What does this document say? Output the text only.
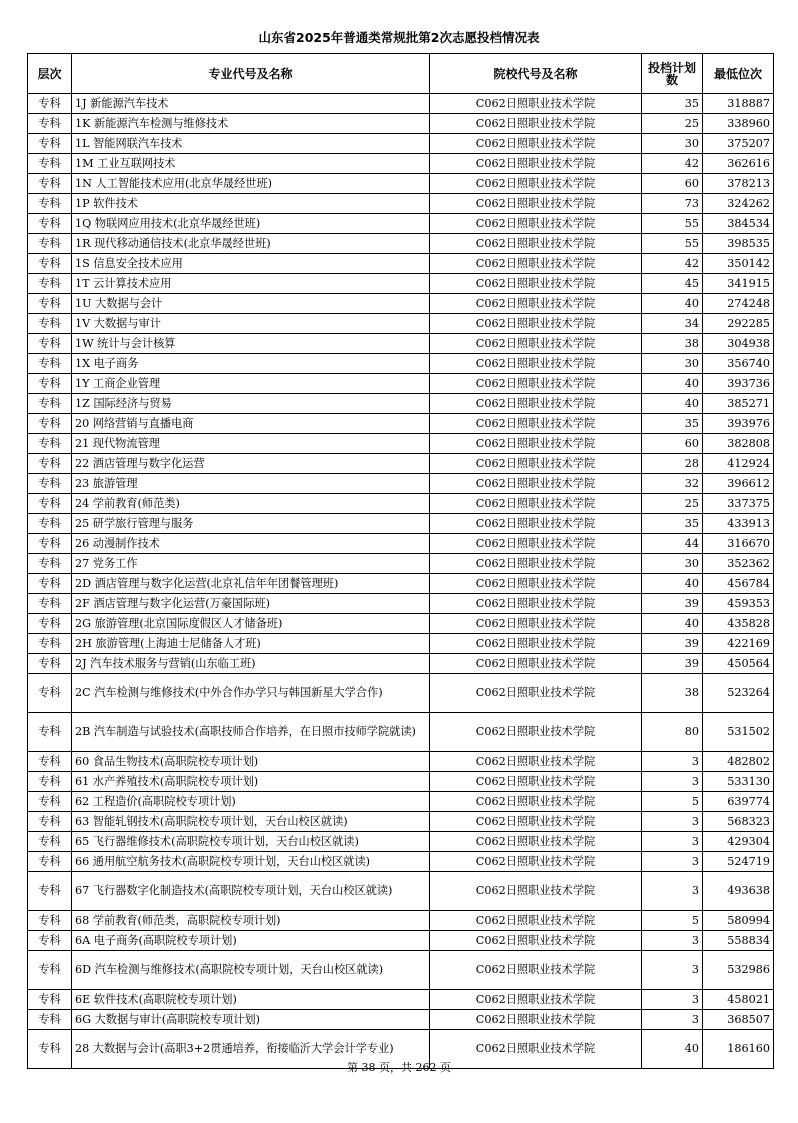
山东省2025年普通类常规批第2次志愿投档情况表
层次	专业代号及名称	院校代号及名称	投档计划数	最低位次
专科	1J 新能源汽车技术	C062日照职业技术学院	35	318887
专科	1K 新能源汽车检测与维修技术	C062日照职业技术学院	25	338960
专科	1L 智能网联汽车技术	C062日照职业技术学院	30	375207
专科	1M 工业互联网技术	C062日照职业技术学院	42	362616
专科	1N 人工智能技术应用(北京华晟经世班)	C062日照职业技术学院	60	378213
专科	1P 软件技术	C062日照职业技术学院	73	324262
专科	1Q 物联网应用技术(北京华晟经世班)	C062日照职业技术学院	55	384534
专科	1R 现代移动通信技术(北京华晟经世班)	C062日照职业技术学院	55	398535
专科	1S 信息安全技术应用	C062日照职业技术学院	42	350142
专科	1T 云计算技术应用	C062日照职业技术学院	45	341915
专科	1U 大数据与会计	C062日照职业技术学院	40	274248
专科	1V 大数据与审计	C062日照职业技术学院	34	292285
专科	1W 统计与会计核算	C062日照职业技术学院	38	304938
专科	1X 电子商务	C062日照职业技术学院	30	356740
专科	1Y 工商企业管理	C062日照职业技术学院	40	393736
专科	1Z 国际经济与贸易	C062日照职业技术学院	40	385271
专科	20 网络营销与直播电商	C062日照职业技术学院	35	393976
专科	21 现代物流管理	C062日照职业技术学院	60	382808
专科	22 酒店管理与数字化运营	C062日照职业技术学院	28	412924
专科	23 旅游管理	C062日照职业技术学院	32	396612
专科	24 学前教育(师范类)	C062日照职业技术学院	25	337375
专科	25 研学旅行管理与服务	C062日照职业技术学院	35	433913
专科	26 动漫制作技术	C062日照职业技术学院	44	316670
专科	27 党务工作	C062日照职业技术学院	30	352362
专科	2D 酒店管理与数字化运营(北京礼信年年团餐管理班)	C062日照职业技术学院	40	456784
专科	2F 酒店管理与数字化运营(万豪国际班)	C062日照职业技术学院	39	459353
专科	2G 旅游管理(北京国际度假区人才储备班)	C062日照职业技术学院	40	435828
专科	2H 旅游管理(上海迪士尼储备人才班)	C062日照职业技术学院	39	422169
专科	2J 汽车技术服务与营销(山东临工班)	C062日照职业技术学院	39	450564
专科	2C 汽车检测与维修技术(中外合作办学只与韩国新星大学合作)	C062日照职业技术学院	38	523264
专科	2B 汽车制造与试验技术(高职技师合作培养，在日照市技师学院就读)	C062日照职业技术学院	80	531502
专科	60 食品生物技术(高职院校专项计划)	C062日照职业技术学院	3	482802
专科	61 水产养殖技术(高职院校专项计划)	C062日照职业技术学院	3	533130
专科	62 工程造价(高职院校专项计划)	C062日照职业技术学院	5	639774
专科	63 智能轧钢技术(高职院校专项计划，天台山校区就读)	C062日照职业技术学院	3	568323
专科	65 飞行器维修技术(高职院校专项计划，天台山校区就读)	C062日照职业技术学院	3	429304
专科	66 通用航空航务技术(高职院校专项计划，天台山校区就读)	C062日照职业技术学院	3	524719
专科	67 飞行器数字化制造技术(高职院校专项计划，天台山校区就读)	C062日照职业技术学院	3	493638
专科	68 学前教育(师范类，高职院校专项计划)	C062日照职业技术学院	5	580994
专科	6A 电子商务(高职院校专项计划)	C062日照职业技术学院	3	558834
专科	6D 汽车检测与维修技术(高职院校专项计划，天台山校区就读)	C062日照职业技术学院	3	532986
专科	6E 软件技术(高职院校专项计划)	C062日照职业技术学院	3	458021
专科	6G 大数据与审计(高职院校专项计划)	C062日照职业技术学院	3	368507
专科	28 大数据与会计(高职3+2贯通培养，衔接临沂大学会计学专业)	C062日照职业技术学院	40	186160
第 38 页，共 262 页
